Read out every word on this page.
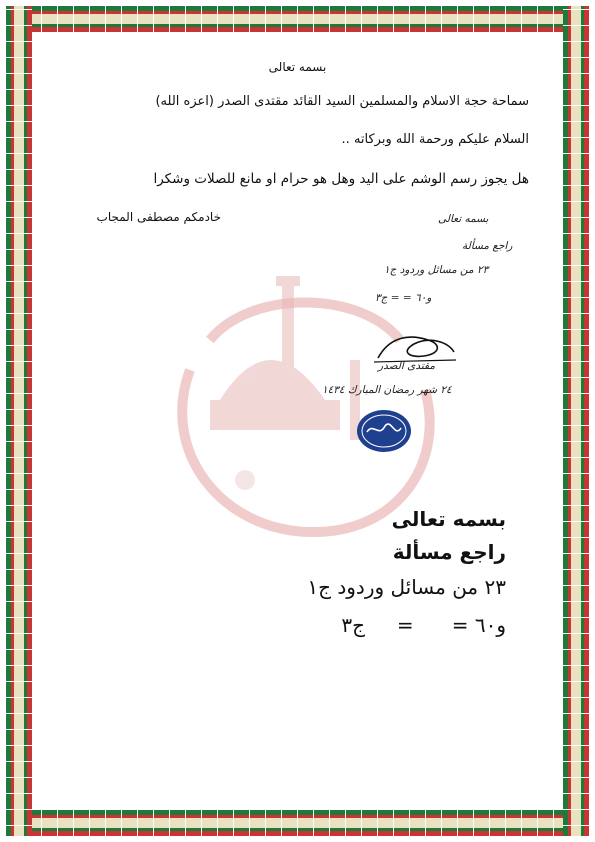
بسمه تعالى
سماحة حجة الاسلام والمسلمين السيد القائد مقتدى الصدر (اعزه الله)
السلام عليكم ورحمة الله وبركاته ..
هل يجوز رسم الوشم على اليد وهل هو حرام او مانع للصلات وشكرا
خادمكم مصطفى المجاب	بسمه تعالى
راجع مسألة
٢٣ من مسائل وردود ج١
و٦٠ = = ج٣
مقتدى الصدر
٢٤ شهر رمضان المبارك ١٤٣٤
بسمه تعالى
راجع مسألة
٢٣ من مسائل وردود ج١
و٦٠ =      =     ج٣
